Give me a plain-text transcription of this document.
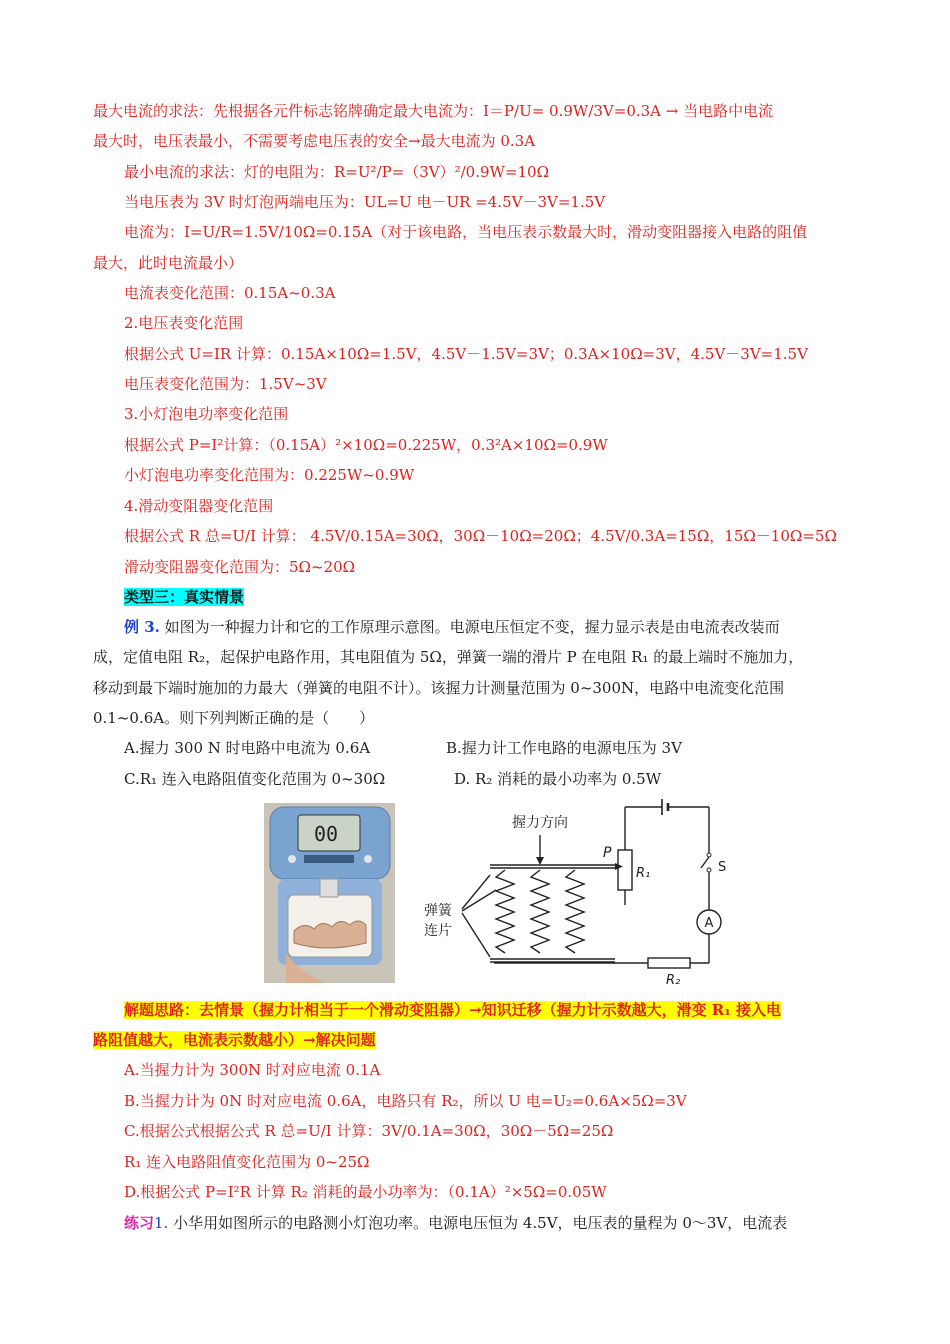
最大电流的求法：先根据各元件标志铭牌确定最大电流为：I＝P/U= 0.9W/3V=0.3A → 当电路中电流
最大时，电压表最小，不需要考虑电压表的安全→最大电流为 0.3A
最小电流的求法：灯的电阻为：R=U²/P=（3V）²/0.9W=10Ω
当电压表为 3V 时灯泡两端电压为：UL=U 电－UR =4.5V－3V=1.5V
电流为：I=U/R=1.5V/10Ω=0.15A（对于该电路，当电压表示数最大时，滑动变阻器接入电路的阻值
最大，此时电流最小）
电流表变化范围：0.15A~0.3A
2.电压表变化范围
根据公式 U=IR 计算：0.15A×10Ω=1.5V，4.5V－1.5V=3V；0.3A×10Ω=3V，4.5V－3V=1.5V
电压表变化范围为：1.5V~3V
3.小灯泡电功率变化范围
根据公式 P=I²计算：（0.15A）²×10Ω=0.225W，0.3²A×10Ω=0.9W
小灯泡电功率变化范围为：0.225W~0.9W
4.滑动变阻器变化范围
根据公式 R 总=U/I 计算： 4.5V/0.15A=30Ω，30Ω－10Ω=20Ω；4.5V/0.3A=15Ω，15Ω－10Ω=5Ω
滑动变阻器变化范围为：5Ω~20Ω
类型三：真实情景
例 3. 如图为一种握力计和它的工作原理示意图。电源电压恒定不变，握力显示表是由电流表改装而
成，定值电阻 R₂，起保护电路作用，其电阻值为 5Ω，弹簧一端的滑片 P 在电阻 R₁ 的最上端时不施加力，
移动到最下端时施加的力最大（弹簧的电阻不计）。该握力计测量范围为 0~300N，电路中电流变化范围
0.1~0.6A。则下列判断正确的是（　　）
A.握力 300 N 时电路中电流为 0.6A	B.握力计工作电路的电源电压为 3V
C.R₁ 连入电路阻值变化范围为 0~30Ω	D. R₂ 消耗的最小功率为 0.5W
00	握力方向
P
R₁	S
A
R₂
弹簧
连片
解题思路：去情景（握力计相当于一个滑动变阻器）→知识迁移（握力计示数越大，滑变 R₁ 接入电
路阻值越大，电流表示数越小）→解决问题
A.当握力计为 300N 时对应电流 0.1A
B.当握力计为 0N 时对应电流 0.6A，电路只有 R₂，所以 U 电=U₂=0.6A×5Ω=3V
C.根据公式根据公式 R 总=U/I 计算：3V/0.1A=30Ω，30Ω－5Ω=25Ω
R₁ 连入电路阻值变化范围为 0~25Ω
D.根据公式 P=I²R 计算 R₂ 消耗的最小功率为：（0.1A）²×5Ω=0.05W
练习1. 小华用如图所示的电路测小灯泡功率。电源电压恒为 4.5V，电压表的量程为 0～3V，电流表
